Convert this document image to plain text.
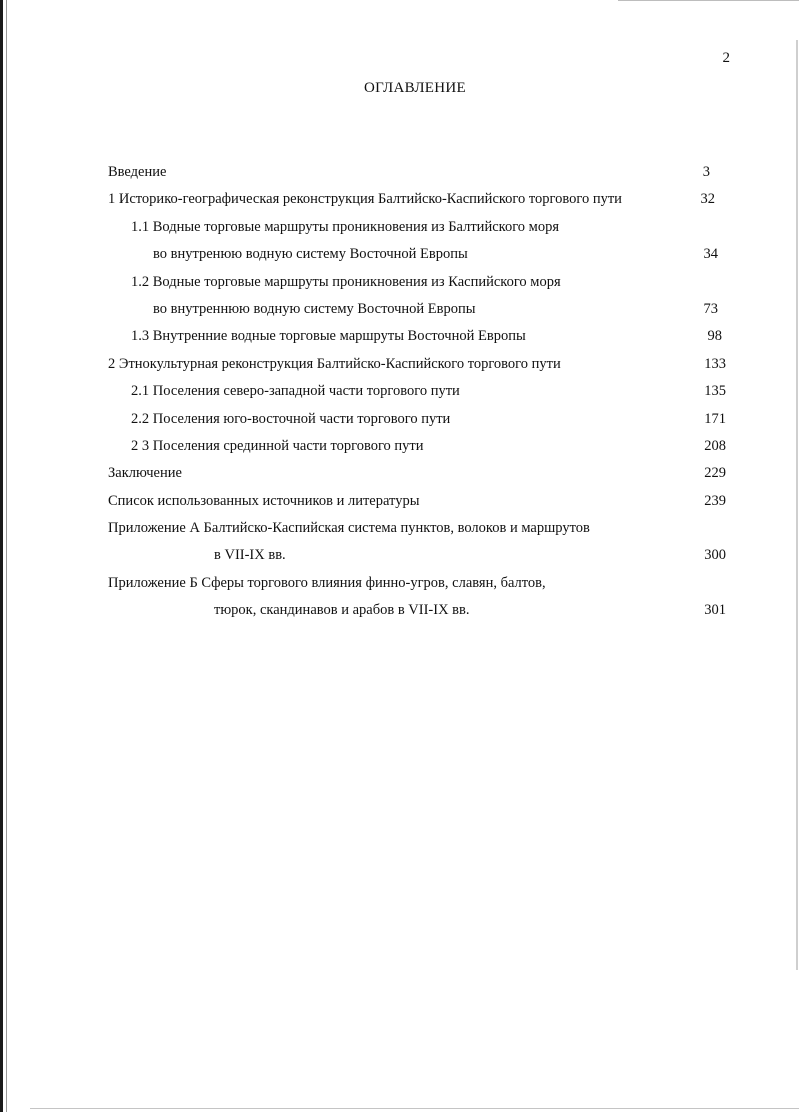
2
ОГЛАВЛЕНИЕ
Введение	3
1 Историко-географическая реконструкция Балтийско-Каспийского торгового пути	32
1.1 Водные торговые маршруты проникновения из Балтийского моря
во внутренюю водную систему Восточной Европы	34
1.2 Водные торговые маршруты проникновения из Каспийского моря
во внутреннюю водную систему Восточной Европы	73
1.3 Внутренние водные торговые маршруты Восточной Европы	98
2 Этнокультурная реконструкция Балтийско-Каспийского торгового пути	133
2.1 Поселения северо-западной части торгового пути	135
2.2 Поселения юго-восточной части торгового пути	171
2 3 Поселения срединной части торгового пути	208
Заключение	229
Список использованных источников и литературы	239
Приложение А Балтийско-Каспийская система пунктов, волоков и маршрутов
в VII-IX вв.	300
Приложение Б Сферы торгового влияния финно-угров, славян, балтов,
тюрок, скандинавов и арабов в VII-IX вв.	301
